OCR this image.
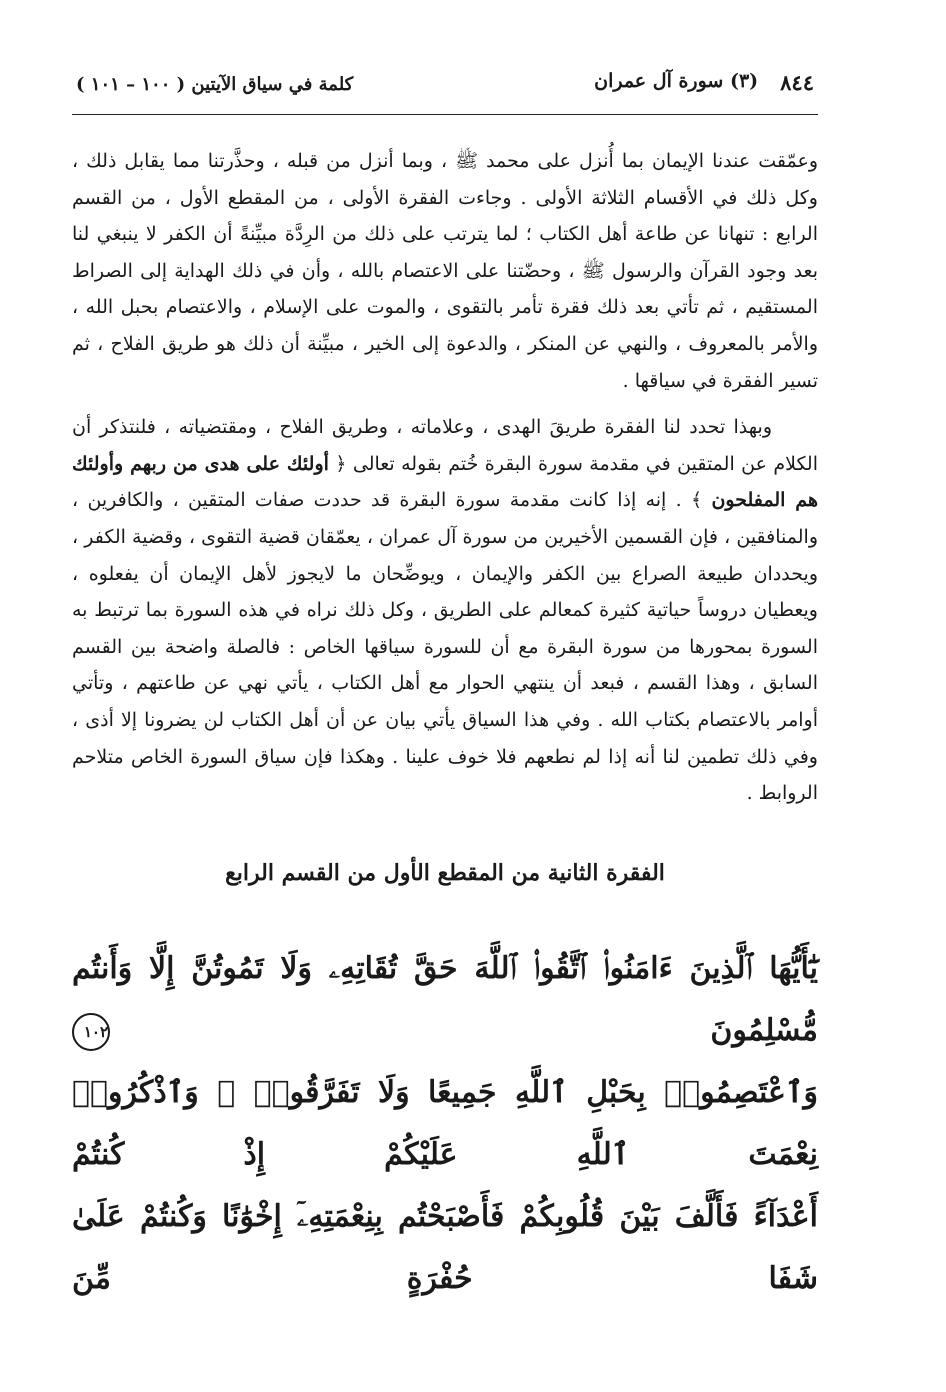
٨٤٤
(٣) سورة آل عمران
كلمة في سياق الآيتين ( ١٠٠ – ١٠١ )

وعمّقت عندنا الإيمان بما أُنزل على محمد ﷺ ، وبما أنزل من قبله ، وحذَّرتنا مما يقابل ذلك ، وكل ذلك في الأقسام الثلاثة الأولى . وجاءت الفقرة الأولى ، من المقطع الأول ، من القسم الرابع : تنهانا عن طاعة أهل الكتاب ؛ لما يترتب على ذلك من الرِدَّة مبيِّنةً أن الكفر لا ينبغي لنا بعد وجود القرآن والرسول ﷺ ، وحضّتنا على الاعتصام بالله ، وأن في ذلك الهداية إلى الصراط المستقيم ، ثم تأتي بعد ذلك فقرة تأمر بالتقوى ، والموت على الإسلام ، والاعتصام بحبل الله ، والأمر بالمعروف ، والنهي عن المنكر ، والدعوة إلى الخير ، مبيِّنة أن ذلك هو طريق الفلاح ، ثم تسير الفقرة في سياقها .

وبهذا تحدد لنا الفقرة طريقَ الهدى ، وعلاماته ، وطريق الفلاح ، ومقتضياته ، فلنتذكر أن الكلام عن المتقين في مقدمة سورة البقرة خُتم بقوله تعالى ﴿ أولئك على هدى من ربهم وأولئك هم المفلحون ﴾ . إنه إذا كانت مقدمة سورة البقرة قد حددت صفات المتقين ، والكافرين ، والمنافقين ، فإن القسمين الأخيرين من سورة آل عمران ، يعمّقان قضية التقوى ، وقضية الكفر ، ويحددان طبيعة الصراع بين الكفر والإيمان ، ويوضِّحان ما لايجوز لأهل الإيمان أن يفعلوه ، ويعطيان دروساً حياتية كثيرة كمعالم على الطريق ، وكل ذلك نراه في هذه السورة بما ترتبط به السورة بمحورها من سورة البقرة مع أن للسورة سياقها الخاص : فالصلة واضحة بين القسم السابق ، وهذا القسم ، فبعد أن ينتهي الحوار مع أهل الكتاب ، يأتي نهي عن طاعتهم ، وتأتي أوامر بالاعتصام بكتاب الله . وفي هذا السياق يأتي بيان عن أن أهل الكتاب لن يضرونا إلا أذى ، وفي ذلك تطمين لنا أنه إذا لم نطعهم فلا خوف علينا . وهكذا فإن سياق السورة الخاص متلاحم الروابط .

الفقرة الثانية من المقطع الأول من القسم الرابع
يَٰٓأَيُّهَا ٱلَّذِينَ ءَامَنُوا۟ ٱتَّقُوا۟ ٱللَّهَ حَقَّ تُقَاتِهِۦ وَلَا تَمُوتُنَّ إِلَّا وَأَنتُم مُّسْلِمُونَ ١٠٢
وَٱعْتَصِمُوا۟ بِحَبْلِ ٱللَّهِ جَمِيعًا وَلَا تَفَرَّقُوا۟ ۚ وَٱذْكُرُوا۟ نِعْمَتَ ٱللَّهِ عَلَيْكُمْ إِذْ كُنتُمْ
أَعْدَآءً فَأَلَّفَ بَيْنَ قُلُوبِكُمْ فَأَصْبَحْتُم بِنِعْمَتِهِۦٓ إِخْوَٰنًا وَكُنتُمْ عَلَىٰ شَفَا حُفْرَةٍ مِّنَ
